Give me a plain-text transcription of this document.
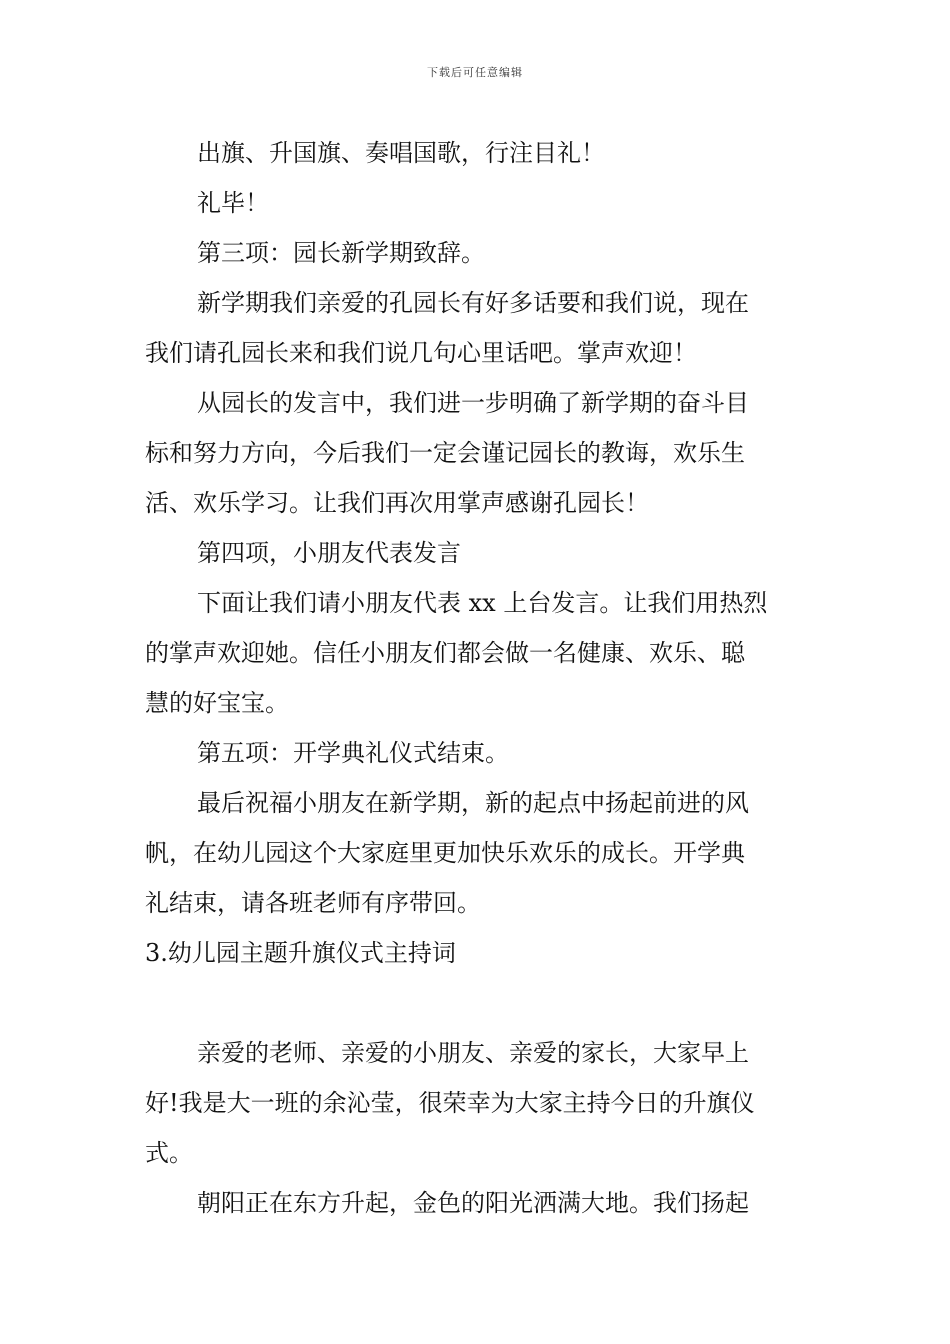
下载后可任意编辑
出旗、升国旗、奏唱国歌，行注目礼！
礼毕！
第三项：园长新学期致辞。
新学期我们亲爱的孔园长有好多话要和我们说，现在
我们请孔园长来和我们说几句心里话吧。掌声欢迎！
从园长的发言中，我们进一步明确了新学期的奋斗目
标和努力方向，今后我们一定会谨记园长的教诲，欢乐生
活、欢乐学习。让我们再次用掌声感谢孔园长！
第四项，小朋友代表发言
下面让我们请小朋友代表 xx 上台发言。让我们用热烈
的掌声欢迎她。信任小朋友们都会做一名健康、欢乐、聪
慧的好宝宝。
第五项：开学典礼仪式结束。
最后祝福小朋友在新学期，新的起点中扬起前进的风
帆，在幼儿园这个大家庭里更加快乐欢乐的成长。开学典
礼结束，请各班老师有序带回。
3.幼儿园主题升旗仪式主持词
亲爱的老师、亲爱的小朋友、亲爱的家长，大家早上
好!我是大一班的余沁莹，很荣幸为大家主持今日的升旗仪
式。
朝阳正在东方升起，金色的阳光洒满大地。我们扬起
